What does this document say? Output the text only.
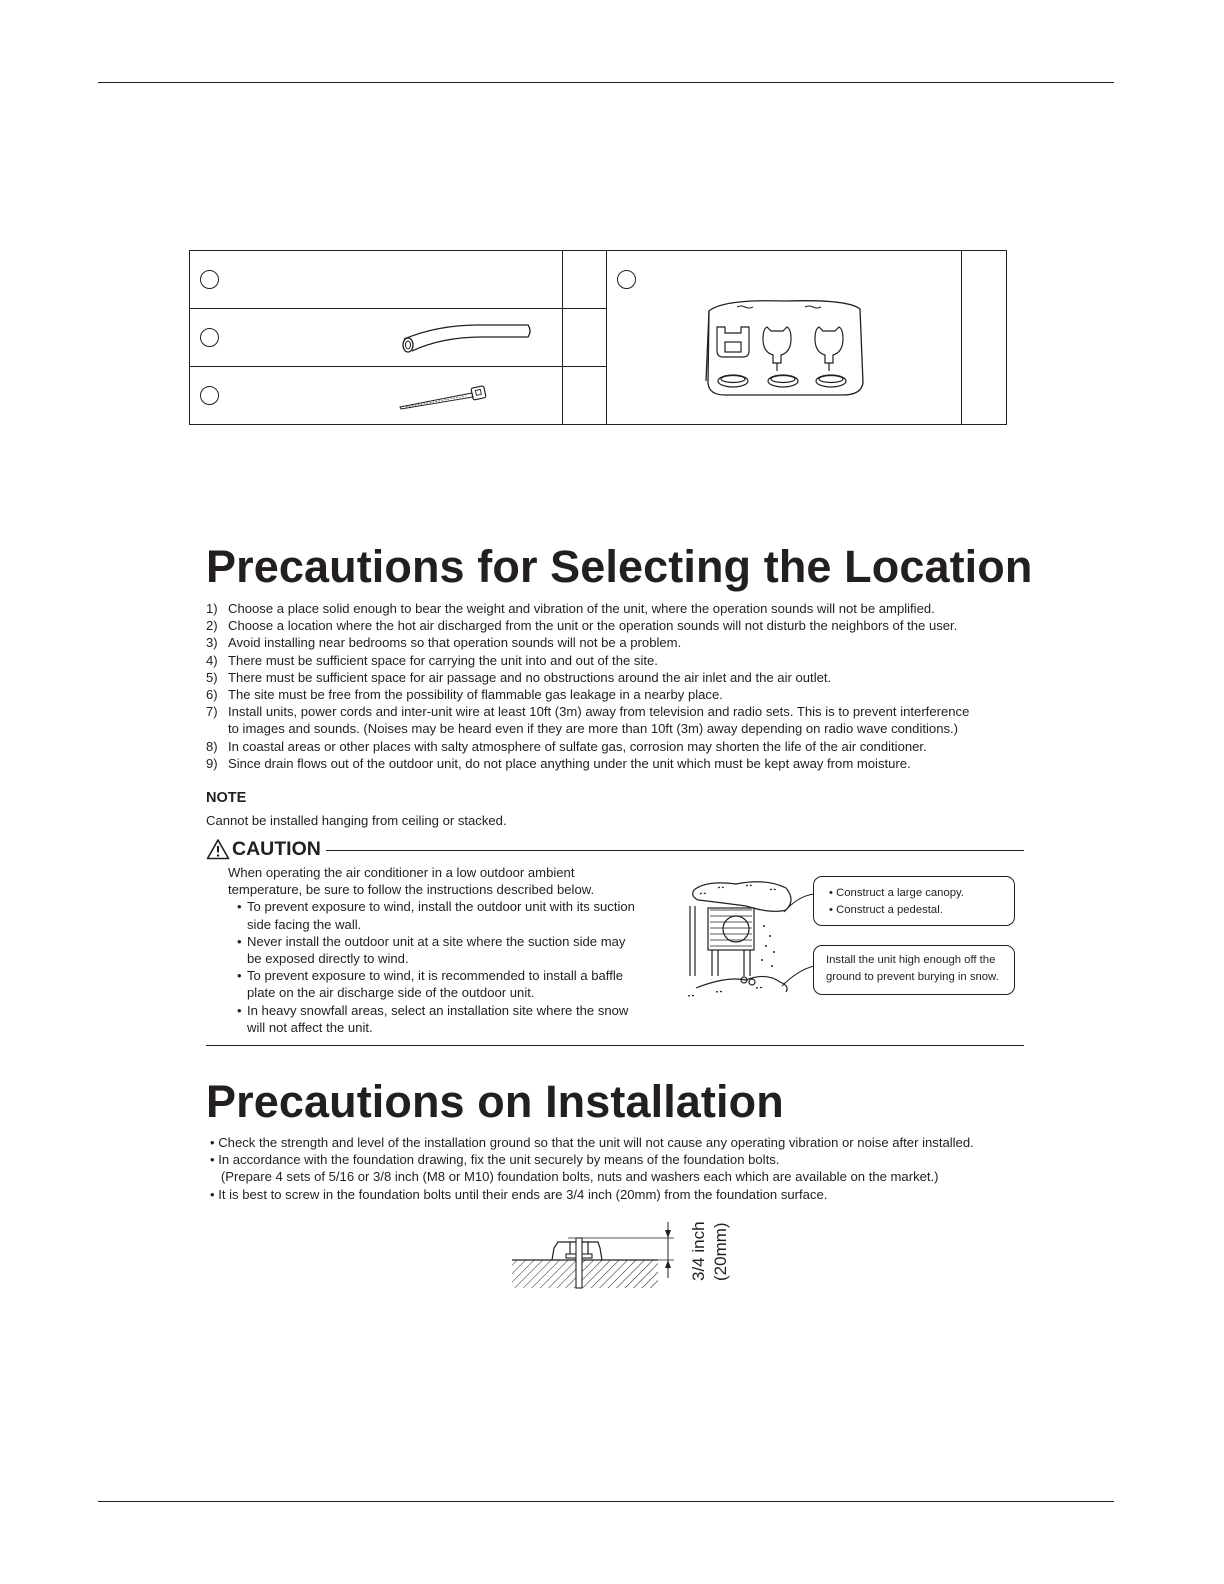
Precautions for Selecting the Location
1) Choose a place solid enough to bear the weight and vibration of the unit, where the operation sounds will not be amplified.
2) Choose a location where the hot air discharged from the unit or the operation sounds will not disturb the neighbors of the user.
3) Avoid installing near bedrooms so that operation sounds will not be a problem.
4) There must be sufficient space for carrying the unit into and out of the site.
5) There must be sufficient space for air passage and no obstructions around the air inlet and the air outlet.
6) The site must be free from the possibility of flammable gas leakage in a nearby place.
7) Install units, power cords and inter-unit wire at least 10ft (3m) away from television and radio sets. This is to prevent interference
to images and sounds. (Noises may be heard even if they are more than 10ft (3m) away depending on radio wave conditions.)
8) In coastal areas or other places with salty atmosphere of sulfate gas, corrosion may shorten the life of the air conditioner.
9) Since drain flows out of the outdoor unit, do not place anything under the unit which must be kept away from moisture.
NOTE
Cannot be installed hanging from ceiling or stacked.
CAUTION
When operating the air conditioner in a low outdoor ambient
temperature, be sure to follow the instructions described below.
• To prevent exposure to wind, install the outdoor unit with its suction
side facing the wall.
• Never install the outdoor unit at a site where the suction side may
be exposed directly to wind.
• To prevent exposure to wind, it is recommended to install a baffle
plate on the air discharge side of the outdoor unit.
• In heavy snowfall areas, select an installation site where the snow
will not affect the unit.
• Construct a large canopy.
• Construct a pedestal.
Install the unit high enough off the
ground to prevent burying in snow.
Precautions on Installation
• Check the strength and level of the installation ground so that the unit will not cause any operating vibration or noise after installed.
• In accordance with the foundation drawing, fix the unit securely by means of the foundation bolts.
(Prepare 4 sets of 5/16 or 3/8 inch (M8 or M10) foundation bolts, nuts and washers each which are available on the market.)
• It is best to screw in the foundation bolts until their ends are 3/4 inch (20mm) from the foundation surface.
3/4 inch (20mm)
